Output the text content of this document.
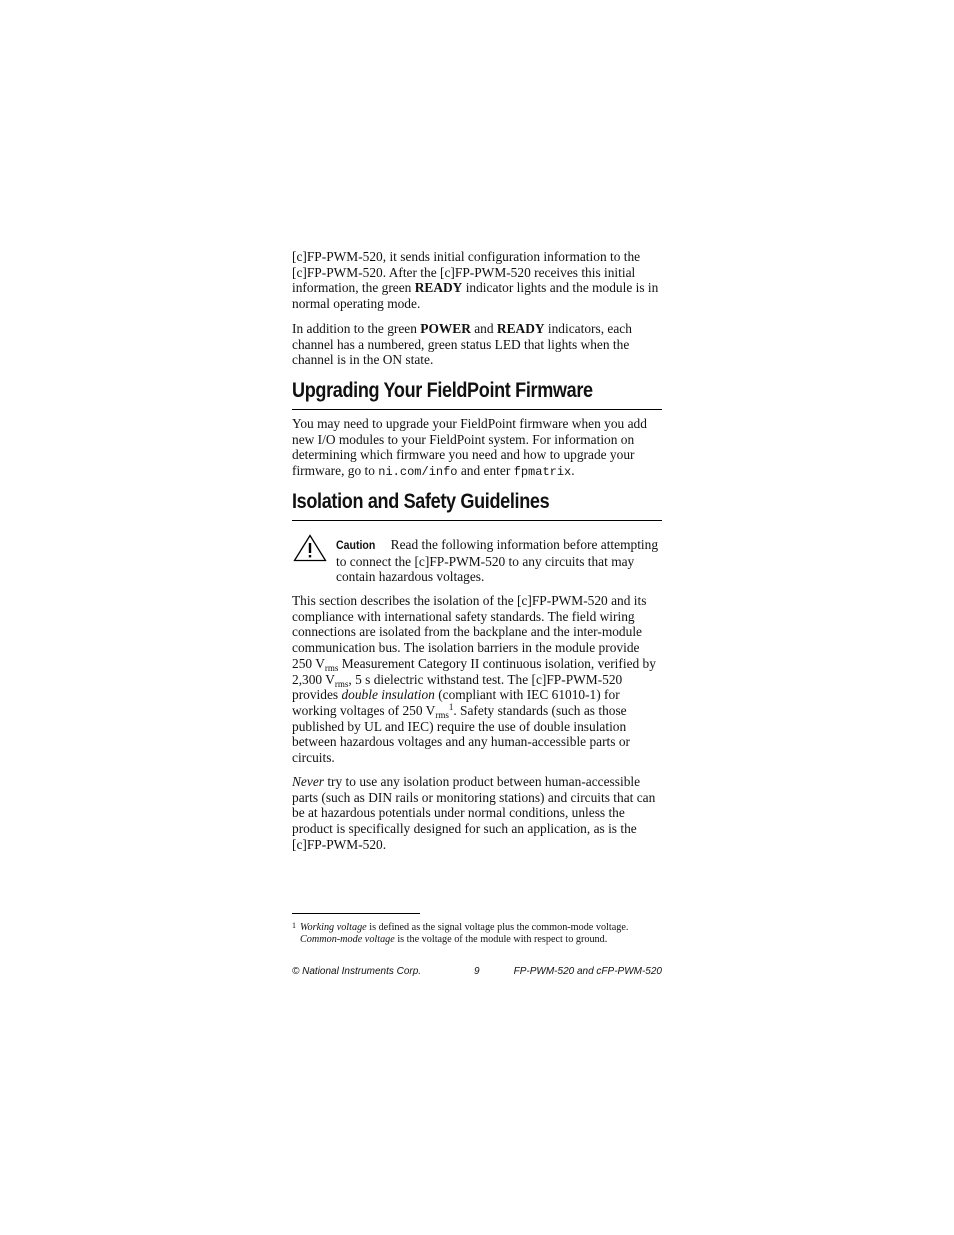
[c]FP-PWM-520, it sends initial configuration information to the [c]FP-PWM-520. After the [c]FP-PWM-520 receives this initial information, the green READY indicator lights and the module is in normal operating mode.

In addition to the green POWER and READY indicators, each channel has a numbered, green status LED that lights when the channel is in the ON state.

Upgrading Your FieldPoint Firmware

You may need to upgrade your FieldPoint firmware when you add new I/O modules to your FieldPoint system. For information on determining which firmware you need and how to upgrade your firmware, go to ni.com/info and enter fpmatrix.

Isolation and Safety Guidelines

Caution Read the following information before attempting to connect the [c]FP-PWM-520 to any circuits that may contain hazardous voltages.

This section describes the isolation of the [c]FP-PWM-520 and its compliance with international safety standards. The field wiring connections are isolated from the backplane and the inter-module communication bus. The isolation barriers in the module provide 250 $V_{rms}$ Measurement Category II continuous isolation, verified by 2,300 $V_{rms}$, 5 s dielectric withstand test. The [c]FP-PWM-520 provides double insulation (compliant with IEC 61010-1) for working voltages of 250 $V_{rms}^1$. Safety standards (such as those published by UL and IEC) require the use of double insulation between hazardous voltages and any human-accessible parts or circuits.

Never try to use any isolation product between human-accessible parts (such as DIN rails or monitoring stations) and circuits that can be at hazardous potentials under normal conditions, unless the product is specifically designed for such an application, as is the [c]FP-PWM-520.

1 Working voltage is defined as the signal voltage plus the common-mode voltage.
Common-mode voltage is the voltage of the module with respect to ground.
© National Instruments Corp.	9	FP-PWM-520 and cFP-PWM-520
